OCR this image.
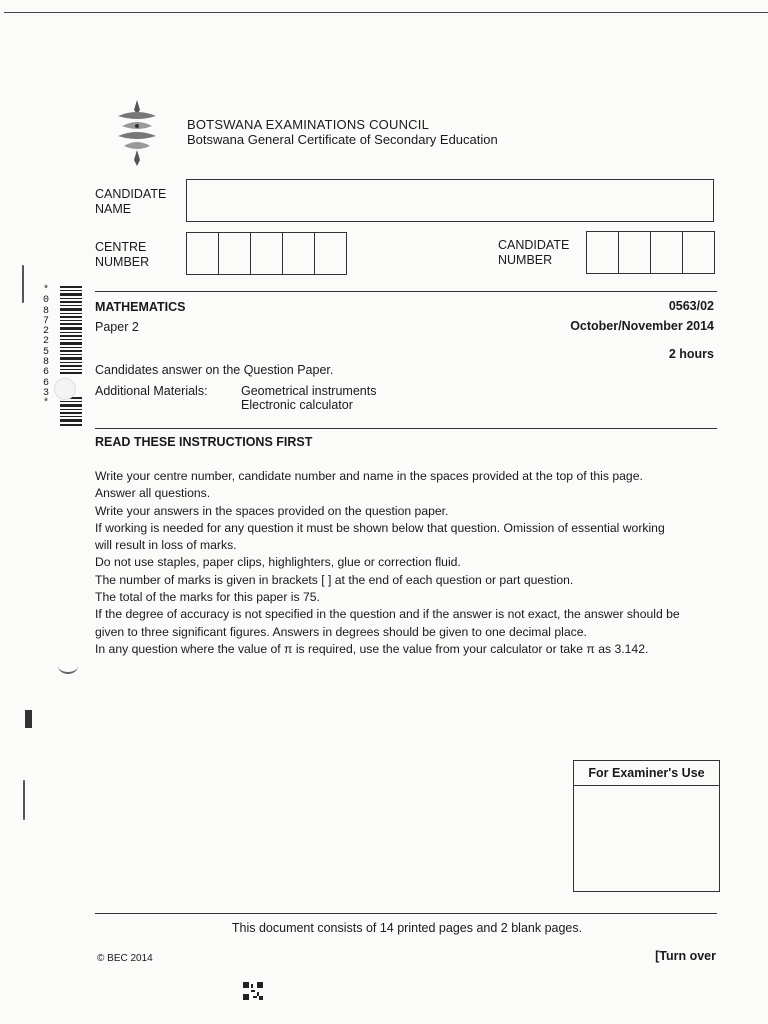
BOTSWANA EXAMINATIONS COUNCIL
Botswana General Certificate of Secondary Education
CANDIDATE
NAME
CENTRE
NUMBER
CANDIDATE
NUMBER
MATHEMATICS
Paper 2
0563/02
October/November 2014
2 hours
Candidates answer on the Question Paper.
Additional Materials:	Geometrical instruments
Electronic calculator
READ THESE INSTRUCTIONS FIRST
Write your centre number, candidate number and name in the spaces provided at the top of this page.
Answer all questions.
Write your answers in the spaces provided on the question paper.
If working is needed for any question it must be shown below that question. Omission of essential working
will result in loss of marks.
Do not use staples, paper clips, highlighters, glue or correction fluid.
The number of marks is given in brackets [ ] at the end of each question or part question.
The total of the marks for this paper is 75.
If the degree of accuracy is not specified in the question and if the answer is not exact, the answer should be
given to three significant figures. Answers in degrees should be given to one decimal place.
In any question where the value of π is required, use the value from your calculator or take π as 3.142.
For Examiner's Use
This document consists of 14 printed pages and 2 blank pages.
© BEC 2014	[Turn over
*
0
8
7
2
2
5
8
6
6
3
*
